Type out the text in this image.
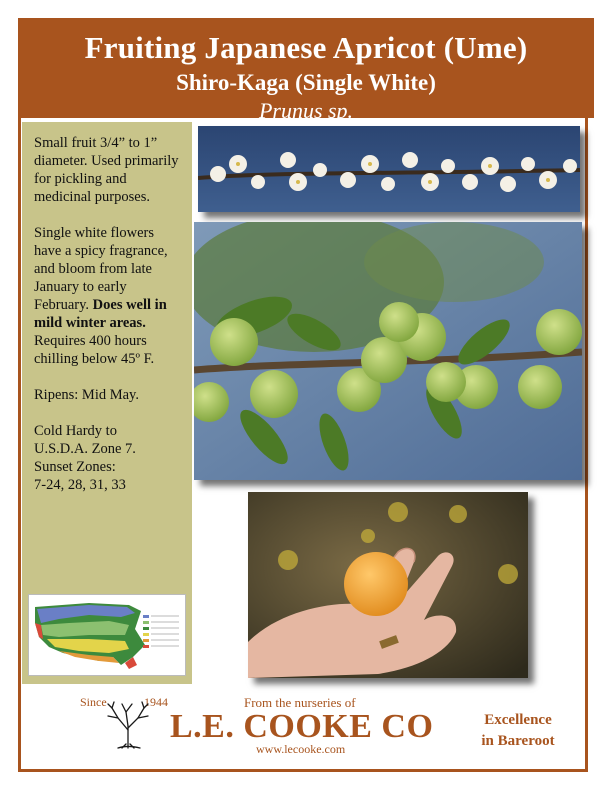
Fruiting Japanese Apricot (Ume)
Shiro-Kaga (Single White)
Prunus sp.

Small fruit 3/4” to 1” diameter. Used primarily for pickling and medicinal purposes.

Single white flowers have a spicy fragrance, and bloom from late January to early February. Does well in mild winter areas. Requires 400 hours chilling below 45º F.

Ripens: Mid May.

Cold Hardy to
U.S.D.A. Zone 7.
Sunset Zones:
7-24, 28, 31, 33

Since	1944	From the nurseries of
L.E. COOKE CO
www.lecooke.com
Excellence
in Bareroot
